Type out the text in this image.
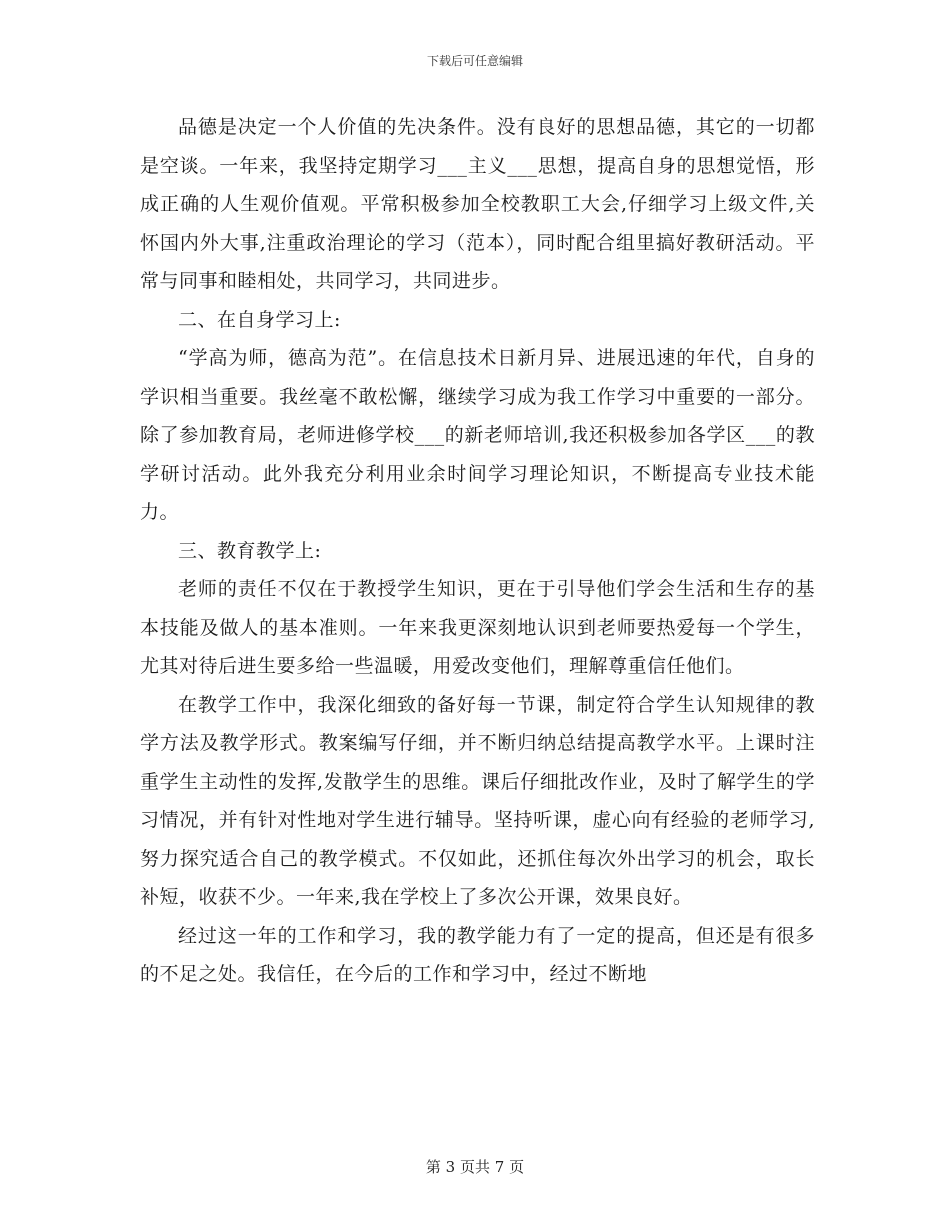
下载后可任意编辑

品德是决定一个人价值的先决条件。没有良好的思想品德，其它的一切都是空谈。一年来，我坚持定期学习___主义___思想，提高自身的思想觉悟，形成正确的人生观价值观。平常积极参加全校教职工大会,仔细学习上级文件,关怀国内外大事,注重政治理论的学习（范本），同时配合组里搞好教研活动。平常与同事和睦相处，共同学习，共同进步。

二、在自身学习上:

“学高为师，德高为范”。在信息技术日新月异、进展迅速的年代，自身的学识相当重要。我丝毫不敢松懈，继续学习成为我工作学习中重要的一部分。除了参加教育局，老师进修学校___的新老师培训,我还积极参加各学区___的教学研讨活动。此外我充分利用业余时间学习理论知识，不断提高专业技术能力。

三、教育教学上:

老师的责任不仅在于教授学生知识，更在于引导他们学会生活和生存的基本技能及做人的基本准则。一年来我更深刻地认识到老师要热爱每一个学生，尤其对待后进生要多给一些温暖，用爱改变他们，理解尊重信任他们。

在教学工作中，我深化细致的备好每一节课，制定符合学生认知规律的教学方法及教学形式。教案编写仔细，并不断归纳总结提高教学水平。上课时注重学生主动性的发挥,发散学生的思维。课后仔细批改作业，及时了解学生的学习情况，并有针对性地对学生进行辅导。坚持听课，虚心向有经验的老师学习,努力探究适合自己的教学模式。不仅如此，还抓住每次外出学习的机会，取长补短，收获不少。一年来,我在学校上了多次公开课，效果良好。

经过这一年的工作和学习，我的教学能力有了一定的提高，但还是有很多的不足之处。我信任，在今后的工作和学习中，经过不断地

第 3 页共 7 页
